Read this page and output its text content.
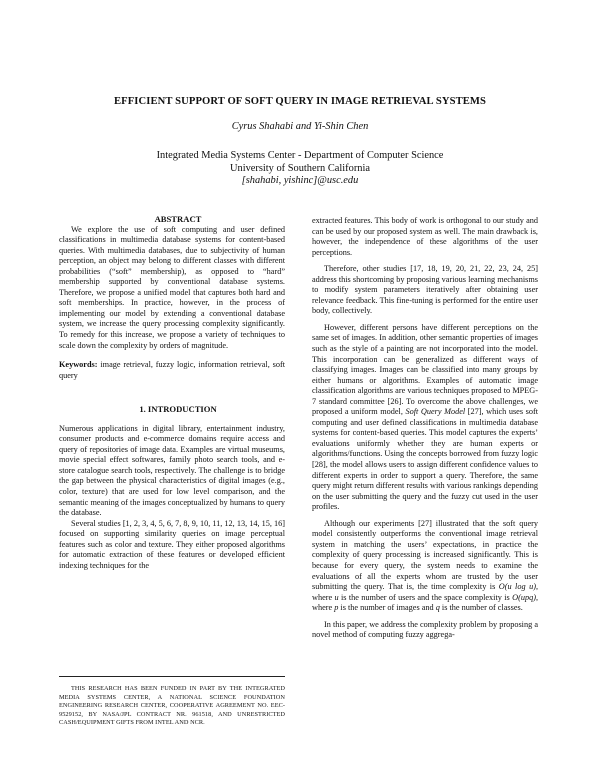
EFFICIENT SUPPORT OF SOFT QUERY IN IMAGE RETRIEVAL SYSTEMS
Cyrus Shahabi and Yi-Shin Chen
Integrated Media Systems Center - Department of Computer Science
University of Southern California
[shahabi, yishinc]@usc.edu

ABSTRACT

We explore the use of soft computing and user defined classifications in multimedia database systems for content-based queries. With multimedia databases, due to subjectivity of human perception, an object may belong to different classes with different probabilities (“soft” membership), as opposed to “hard” membership supported by conventional database systems. Therefore, we propose a unified model that captures both hard and soft memberships. In practice, however, in the process of implementing our model by extending a conventional database system, we increase the query processing complexity significantly. To remedy for this increase, we propose a variety of techniques to scale down the complexity by orders of magnitude.

Keywords: image retrieval, fuzzy logic, information retrieval, soft query

1. INTRODUCTION

Numerous applications in digital library, entertainment industry, consumer products and e-commerce domains require access and query of repositories of image data. Examples are virtual museums, movie special effect softwares, family photo search tools, and e-store catalogue search tools, respectively. The challenge is to bridge the gap between the physical characteristics of digital images (e.g., color, texture) that are used for low level comparison, and the semantic meaning of the images conceptualized by humans to query the database.

Several studies [1, 2, 3, 4, 5, 6, 7, 8, 9, 10, 11, 12, 13, 14, 15, 16] focused on supporting similarity queries on image perceptual features such as color and texture. They either proposed algorithms for automatic extraction of these features or developed efficient indexing techniques for the

THIS RESEARCH HAS BEEN FUNDED IN PART BY THE INTEGRATED MEDIA SYSTEMS CENTER, A NATIONAL SCIENCE FOUNDATION ENGINEERING RESEARCH CENTER, COOPERATIVE AGREEMENT NO. EEC-9529152, BY NASA/JPL CONTRACT NR. 961518, AND UNRESTRICTED CASH/EQUIPMENT GIFTS FROM INTEL AND NCR.

extracted features. This body of work is orthogonal to our study and can be used by our proposed system as well. The main drawback is, however, the independence of these algorithms of the user perceptions.

Therefore, other studies [17, 18, 19, 20, 21, 22, 23, 24, 25] address this shortcoming by proposing various learning mechanisms to modify system parameters iteratively after obtaining user relevance feedback. This fine-tuning is performed for the entire user body, collectively.

However, different persons have different perceptions on the same set of images. In addition, other semantic properties of images such as the style of a painting are not incorporated into the model. This incorporation can be generalized as different ways of classifying images. Images can be classified into many groups by either humans or algorithms. Examples of automatic image classification algorithms are various techniques proposed to MPEG-7 standard committee [26]. To overcome the above challenges, we proposed a uniform model, Soft Query Model [27], which uses soft computing and user defined classifications in multimedia database systems for content-based queries. This model captures the experts’ evaluations uniformly whether they are human experts or algorithms/functions. Using the concepts borrowed from fuzzy logic [28], the model allows users to assign different confidence values to different experts in order to support a query. Therefore, the same query might return different results with various rankings depending on the user submitting the query and the fuzzy cut used in the user profiles.

Although our experiments [27] illustrated that the soft query model consistently outperforms the conventional image retrieval system in matching the users’ expectations, in practice the complexity of query processing is increased significantly. This is because for every query, the system needs to examine the evaluations of all the experts whom are trusted by the user submitting the query. That is, the time complexity is O(u log u), where u is the number of users and the space complexity is O(upq), where p is the number of images and q is the number of classes.

In this paper, we address the complexity problem by proposing a novel method of computing fuzzy aggrega-
